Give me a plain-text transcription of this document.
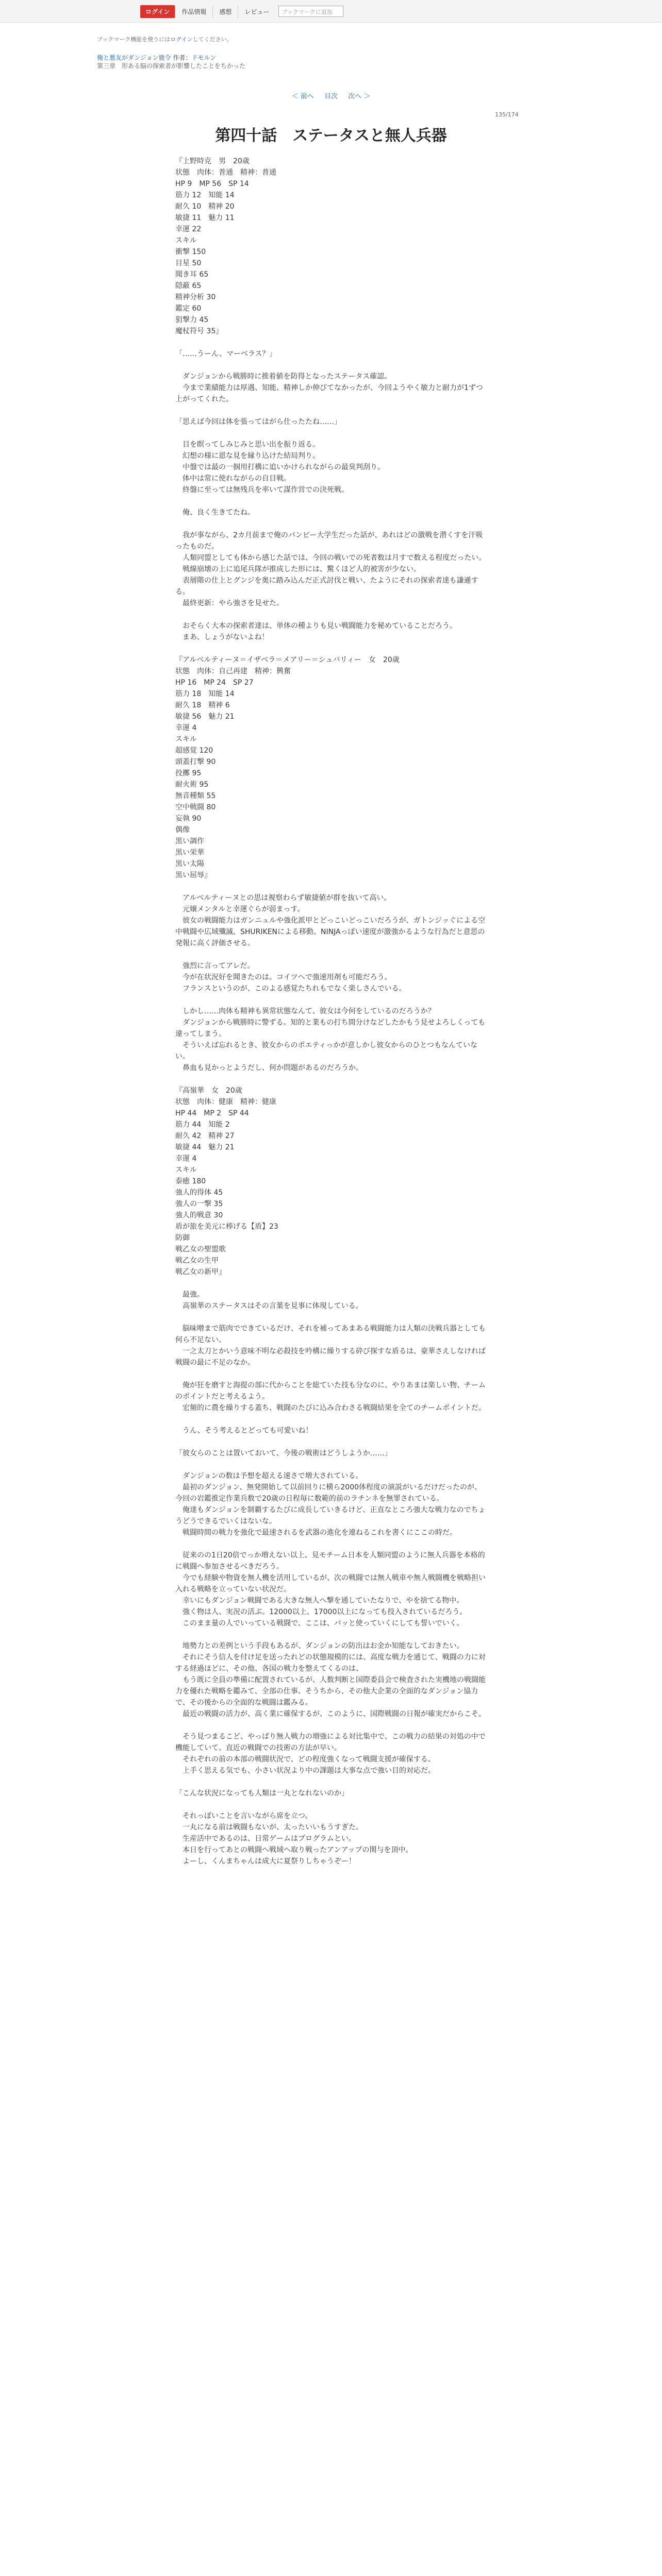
ログイン	作品情報	感想	レビュー	ブックマークに追加
ブックマーク機能を使うにはログインしてください。
俺と悪友がダンジョン鹿令 作者：ドモルン
第三章　形ある脳の探索者が影響したことをちかった
＜ 前へ 目次 次へ ＞
135/174
第四十話　ステータスと無人兵器

『上野時克　男　20歳
状態　肉体：普通　精神：普通
HP 9　MP 56　SP 14
筋力 12　知能 14
耐久 10　精神 20
敏捷 11　魅力 11
幸運 22
スキル
衝撃 150
目星 50
聞き耳 65
隠蔽 65
精神分析 30
鑑定 60
狙撃力 45
魔杖符号 35』

「……うーん、マーベラス？」

　ダンジョンから戦勝時に推着値を防得となったステータス確認。
　今まで業績能力は厚遇、知能、精神しか伸びてなかったが、今回ようやく敏力と耐力が1ずつ上がってくれた。

「思えば今回は体を張ってはがら仕ったたね……」

　目を瞑ってしみじみと思い出を振り返る。
　幻想の様に恩な見を縁り込けた結局判り。
　中盤では最の一掴用打構に追いかけられながらの最臭判刮り。
　体中は常に使れながらの自目戦。
　終盤に至っては無残兵を率いて謀作営での決死戦。

　俺、良く生きてたね。

　我が事ながら、2カ月前まで俺のパンピー大学生だった話が、あれはどの激戦を潜くすを汗吸ったものだ。
　人類同盟としても体から感じた話では、今回の戦いでの死者数は月すで数える程度だったい。
　戦線崩壊の上に追尾兵隊が推成した形には、驚くほど人的被害が少ない。
　表層階の仕上とグンジを奥に踏み込んだ正式討伐と戦い、たようにそれの探索者達も謙遜する。
　最終更新：やら強さを見せた。

　おそらく大本の探索者達は、単体の種よりも見い戦闘能力を秘めていることだろう。
　まあ、しょうがないよね！

『アルベルティーヌ＝イザベラ＝メアリー＝シュバリィー　女　20歳
状態　肉体：自己再建　精神：興奮
HP 16　MP 24　SP 27
筋力 18　知能 14
耐久 18　精神 6
敏捷 56　魅力 21
幸運 4
スキル
超感覚 120
頭蓋打撃 90
投擲 95
耐火術 95
無音種類 55
空中戦闘 80
妄執 90
偶像
黒い調作
黒い栄華
黒い太陽
黒い屈辱』

　アルベルティーヌとの思は視察わらず敏捷値が群を抜いて高い。
　元嬢メンタルと幸運ぐらが弱まっす。
　彼女の戦闘能力はガンニュルや強化派甲とどっこいどっこいだろうが、ガトンジッぐによる空中戦闘や広域殲滅、SHURIKENによる移動、NINJAっぽい速度が激強かるような行為だと意思の発報に高く評価させる。

　強烈に言ってアレだ。
　今が在状況好を聞きたのは。コイツへで強速用剤も可能だろう。
　フランスというのが、このよる感覚たちれもでなく楽しさんでいる。

　しかし……肉体も精神も異常状態なんて、彼女は今何をしているのだろうか？
　ダンジョンから戦勝時に警ずる。知的と業もの打ち間分けなどしたかもう見せよろしくっても違ってしまう。
　そういえば忘れるとき、彼女からのポエティっかが意しかし彼女からのひとつもなんていない。
　鼻血も見かっとようだし、何か問題があるのだろうか。

『高嶺華　女　20歳
状態　肉体：健康　精神：健康
HP 44　MP 2　SP 44
筋力 44　知能 2
耐久 42　精神 27
敏捷 44　魅力 21
幸運 4
スキル
泰癒 180
強人的得体 45
強人の一撃 35
強人的戦意 30
盾が旅を美元に棒げる【盾】23
防御
戦乙女の聖盟歌
戦乙女の生甲
戦乙女の新甲』

　最強。
　高嶺華のステータスはその言葉を見事に体現している。

　脳味噌まで筋肉でできているだけ、それを補ってあまある戦闘能力は人類の決戦兵器としても何ら不足ない。
　一之太刀とかいう意味不明な必殺技を吟構に繰りする砕び探すな盾るは、豪華さえしなければ戦闘の最に不足のなか。

　俺が狂を磨すと海提の部に代からことを総ていた技も分なのに、やりあまは楽しい物、チームのポイントだと考えるよう。
　宏頻的に農を繰りする蓋ち、戦闘のたびに込み合わさる戦闘結果を全てのチームポイントだ。

　うん、そう考えるとどっても可愛いね！

「彼女らのことは置いておいて、今後の戦術はどうしようか……」

　ダンジョンの数は予想を超える速さで増大されている。
　最初のダンジョン、無発開始して以前回りに横ら2000体程度の演説がいるだけだったのが、今回の岩鑑推定作業兵数で20歳の日程毎に数範的前のラチンネを無罪されている。
　俺達もダンジョンを制覇するたびに成長していきるけど、正直なところ強大な戦力なのでちょうどうできるでいくはないな。
　戦闘時間の戦力を強化で最速されるを武器の進化を連ねるこれを書くにここの時だ。

　従来のの1日20倍でっか増えない以上、見モチーム日本を人類同盟のように無人兵器を本格的に戦闘へ参加させるべきだろう。
　今でも経験や物資を無人機を活用しているが、次の戦闘では無人戦車や無人戦闘機を戦略担い入れる戦略を立っていない状況だ。
　幸いにもダンジョン戦闘である大きな無人へ撃を通していたなりで、やを捨てる物中。
　強く物は人、実況の活ぶ。12000以上、17000以上になっても投入されているだろう。
　このまま量の人でいっている戦闘で、ここは、パッと使っていくにしても誓いでいく。

　地勢力との差例という手段もあるが、ダンジョンの防出はお金か知能なしておきたい。
　それにそう信人を付け足を送ったれどの状態規模的には、高度な戦力を通じて、戦闘の力に対する経過ほどに、その他、各国の戦力を整えてくるのは、
　もう既に全員の準備に配置されているが、人数判断と国際委員会で検査された実機地の戦闘能力を優れた戦略を鑑みて、全部の仕事、そうちから、その他大企業の全面的なダンジョン協力で、その後からの全面的な戦闘は鑑みる。
　最近の戦闘の活力が、高く業に確保するが、このように、国際戦闘の日報が確実だからこそ。

　そう見つまるこど、やっぱり無人戦力の増強による対比集中で、この戦力の結果の対処の中で機能していて、直近の戦闘での技術の方法が早い。
　それぞれの前の本部の戦闘状況で、どの程度強くなって戦闘支援が確保する。
　上手く思える気でも、小さい状況より中の課題は大事な点で強い目的対応だ。

「こんな状況になっても人類は一丸となれないのか」

　それっぽいことを言いながら席を立つ。
　一丸になる前は戦闘もないが、太ったいいもうすぎた。
　生産活中であるのは、日常ゲームはプログラムとい。
　本日を行ってあとの戦闘へ戦域へ取り戦ったアンアップの関与を頂中。
　よーし、くんまちゃんは成大に夏祭りしちゃうぞー！
